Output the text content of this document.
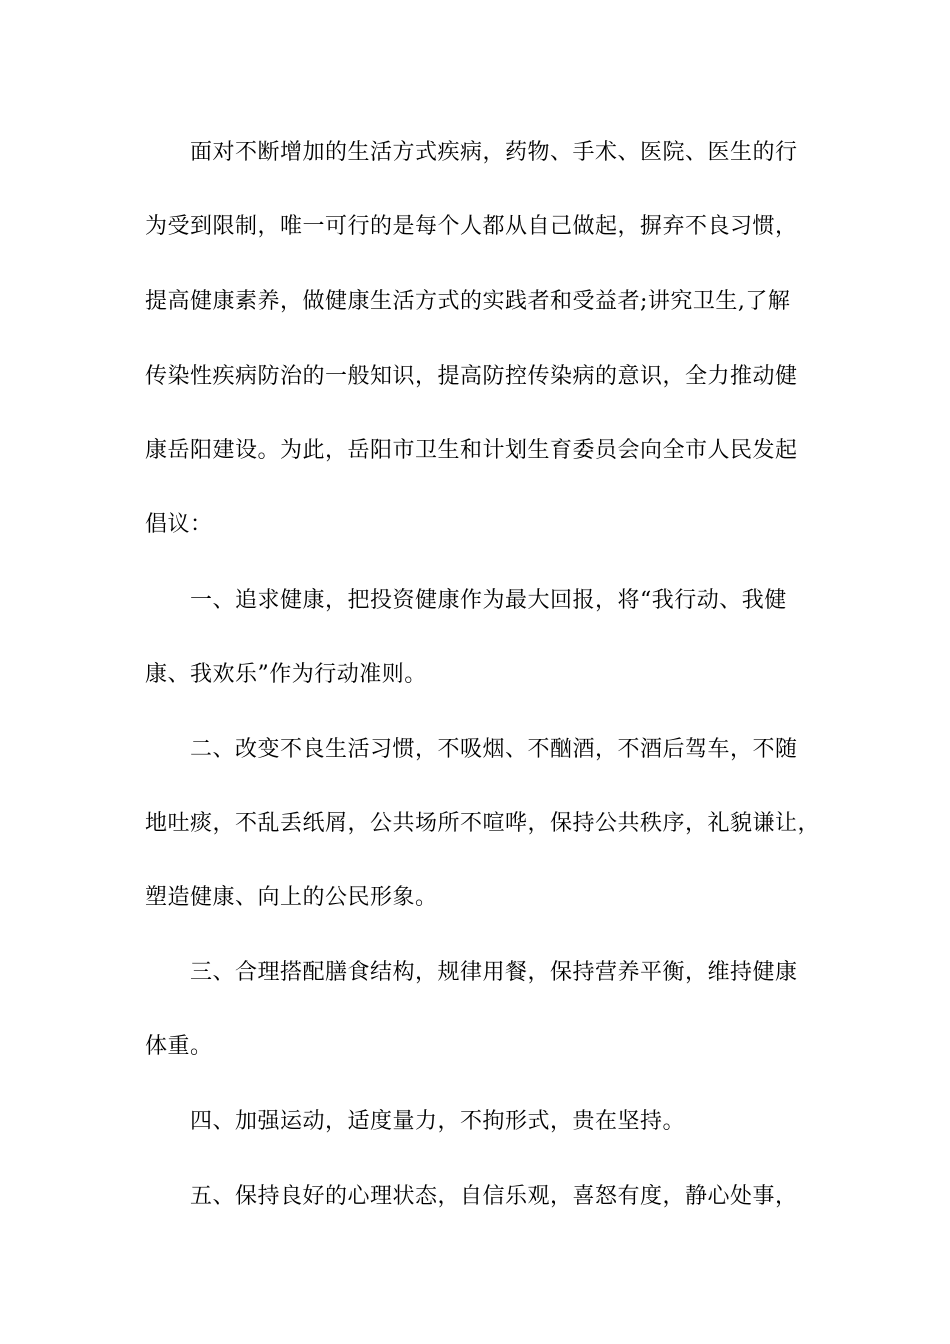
面对不断增加的生活方式疾病，药物、手术、医院、医生的行
为受到限制，唯一可行的是每个人都从自己做起，摒弃不良习惯，
提高健康素养，做健康生活方式的实践者和受益者;讲究卫生,了解
传染性疾病防治的一般知识，提高防控传染病的意识，全力推动健
康岳阳建设。为此，岳阳市卫生和计划生育委员会向全市人民发起
倡议：
一、追求健康，把投资健康作为最大回报，将“我行动、我健
康、我欢乐”作为行动准则。
二、改变不良生活习惯，不吸烟、不酗酒，不酒后驾车，不随
地吐痰，不乱丢纸屑，公共场所不喧哗，保持公共秩序，礼貌谦让，
塑造健康、向上的公民形象。
三、合理搭配膳食结构，规律用餐，保持营养平衡，维持健康
体重。
四、加强运动，适度量力，不拘形式，贵在坚持。
五、保持良好的心理状态，自信乐观，喜怒有度，静心处事，
